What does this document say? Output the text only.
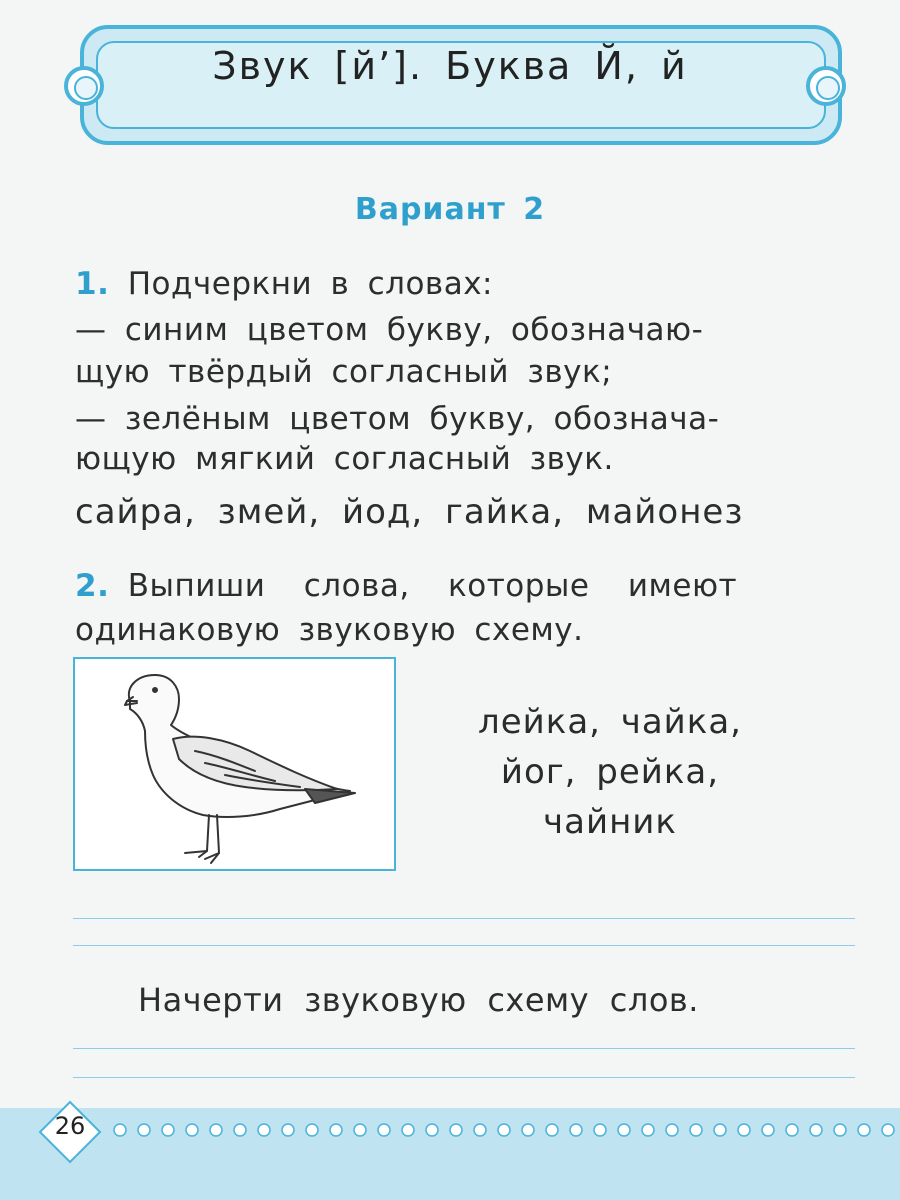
Звук [й’]. Буква Й, й
Вариант 2
1. Подчеркни в словах:
— синим цветом букву, обозначаю-
щую твёрдый согласный звук;
— зелёным цветом букву, обознача-
ющую мягкий согласный звук.
сайра, змей, йод, гайка, майонез
2. Выпиши слова, которые имеют
одинаковую звуковую схему.
лейка, чайка,
йог, рейка,
чайник
Начерти звуковую схему слов.
26
